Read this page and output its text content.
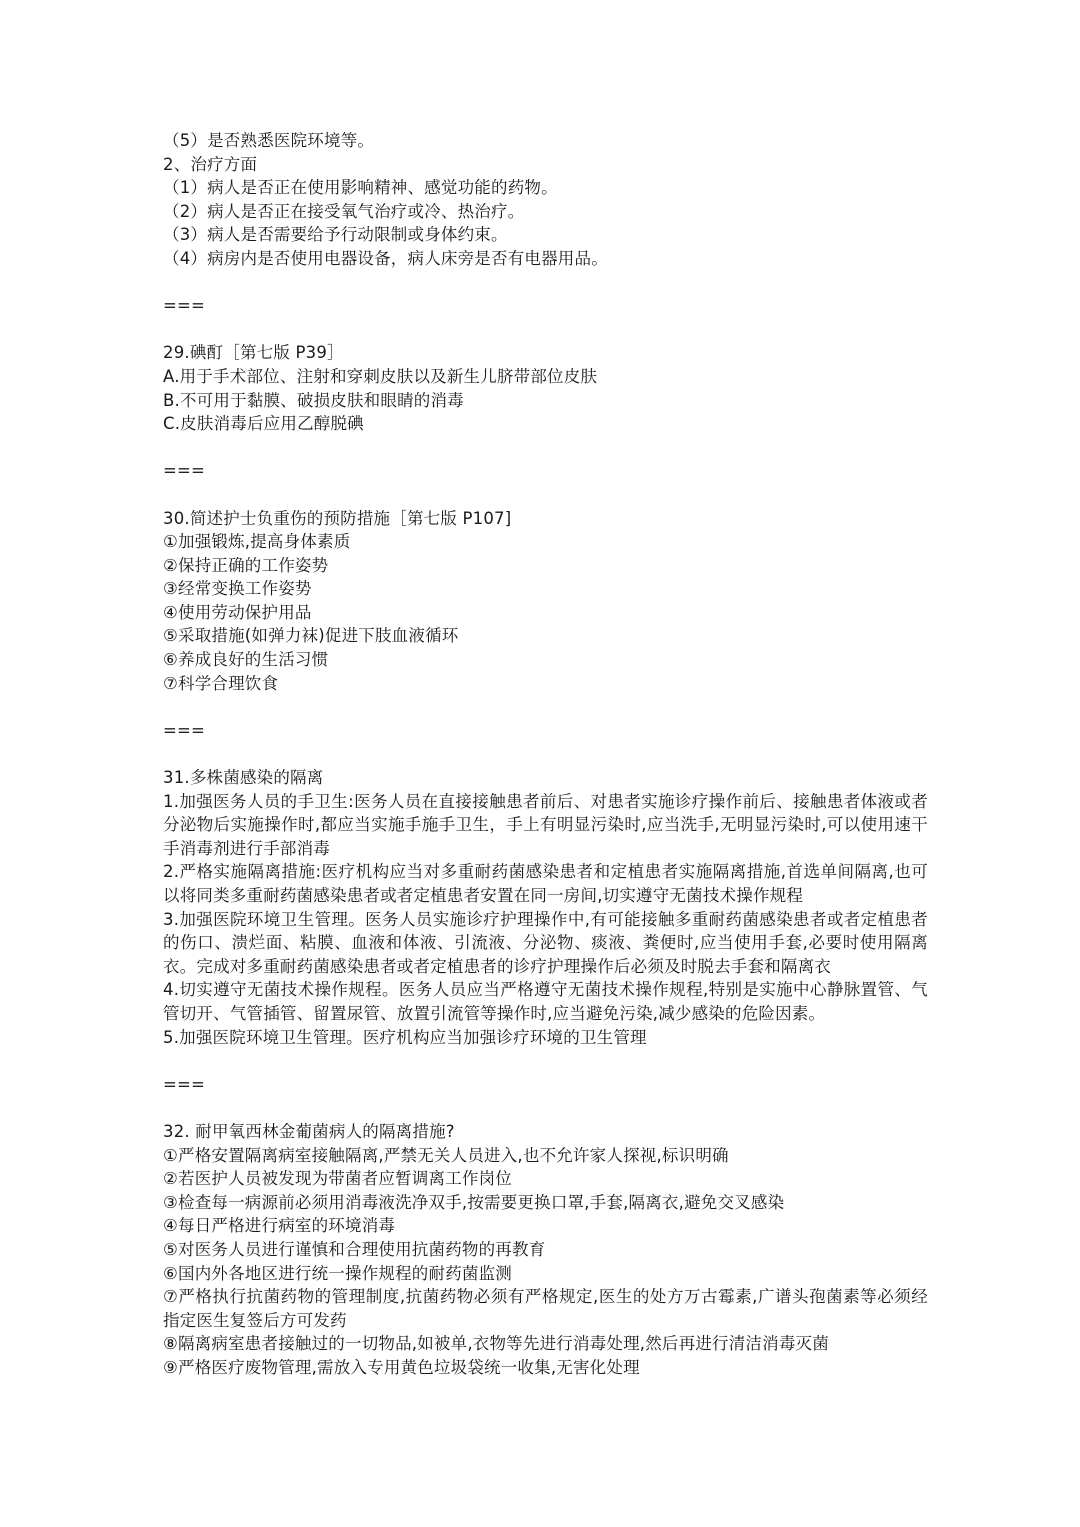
（5）是否熟悉医院环境等。
2、治疗方面
（1）病人是否正在使用影响精神、感觉功能的药物。
（2）病人是否正在接受氧气治疗或冷、热治疗。
（3）病人是否需要给予行动限制或身体约束。
（4）病房内是否使用电器设备，病人床旁是否有电器用品。
===
29.碘酊［第七版 P39］
A.用于手术部位、注射和穿刺皮肤以及新生儿脐带部位皮肤
B.不可用于黏膜、破损皮肤和眼睛的消毒
C.皮肤消毒后应用乙醇脱碘
===
30.简述护士负重伤的预防措施［第七版 P107]
①加强锻炼,提高身体素质
②保持正确的工作姿势
③经常变换工作姿势
④使用劳动保护用品
⑤采取措施(如弹力袜)促进下肢血液循环
⑥养成良好的生活习惯
⑦科学合理饮食
===
31.多株菌感染的隔离
1.加强医务人员的手卫生:医务人员在直接接触患者前后、对患者实施诊疗操作前后、接触患者体液或者分泌物后实施操作时,都应当实施手施手卫生，手上有明显污染时,应当洗手,无明显污染时,可以使用速干手消毒剂进行手部消毒
2.严格实施隔离措施:医疗机构应当对多重耐药菌感染患者和定植患者实施隔离措施,首选单间隔离,也可以将同类多重耐药菌感染患者或者定植患者安置在同一房间,切实遵守无菌技术操作规程
3.加强医院环境卫生管理。医务人员实施诊疗护理操作中,有可能接触多重耐药菌感染患者或者定植患者的伤口、溃烂面、粘膜、血液和体液、引流液、分泌物、痰液、粪便时,应当使用手套,必要时使用隔离衣。完成对多重耐药菌感染患者或者定植患者的诊疗护理操作后必须及时脱去手套和隔离衣
4.切实遵守无菌技术操作规程。医务人员应当严格遵守无菌技术操作规程,特别是实施中心静脉置管、气管切开、气管插管、留置尿管、放置引流管等操作时,应当避免污染,减少感染的危险因素。
5.加强医院环境卫生管理。医疗机构应当加强诊疗环境的卫生管理
===
32. 耐甲氧西林金葡菌病人的隔离措施?
①严格安置隔离病室接触隔离,严禁无关人员进入,也不允许家人探视,标识明确
②若医护人员被发现为带菌者应暂调离工作岗位
③检查每一病源前必须用消毒液洗净双手,按需要更换口罩,手套,隔离衣,避免交叉感染
④每日严格进行病室的环境消毒
⑤对医务人员进行谨慎和合理使用抗菌药物的再教育
⑥国内外各地区进行统一操作规程的耐药菌监测
⑦严格执行抗菌药物的管理制度,抗菌药物必须有严格规定,医生的处方万古霉素,广谱头孢菌素等必须经指定医生复签后方可发药
⑧隔离病室患者接触过的一切物品,如被单,衣物等先进行消毒处理,然后再进行清洁消毒灭菌
⑨严格医疗废物管理,需放入专用黄色垃圾袋统一收集,无害化处理
